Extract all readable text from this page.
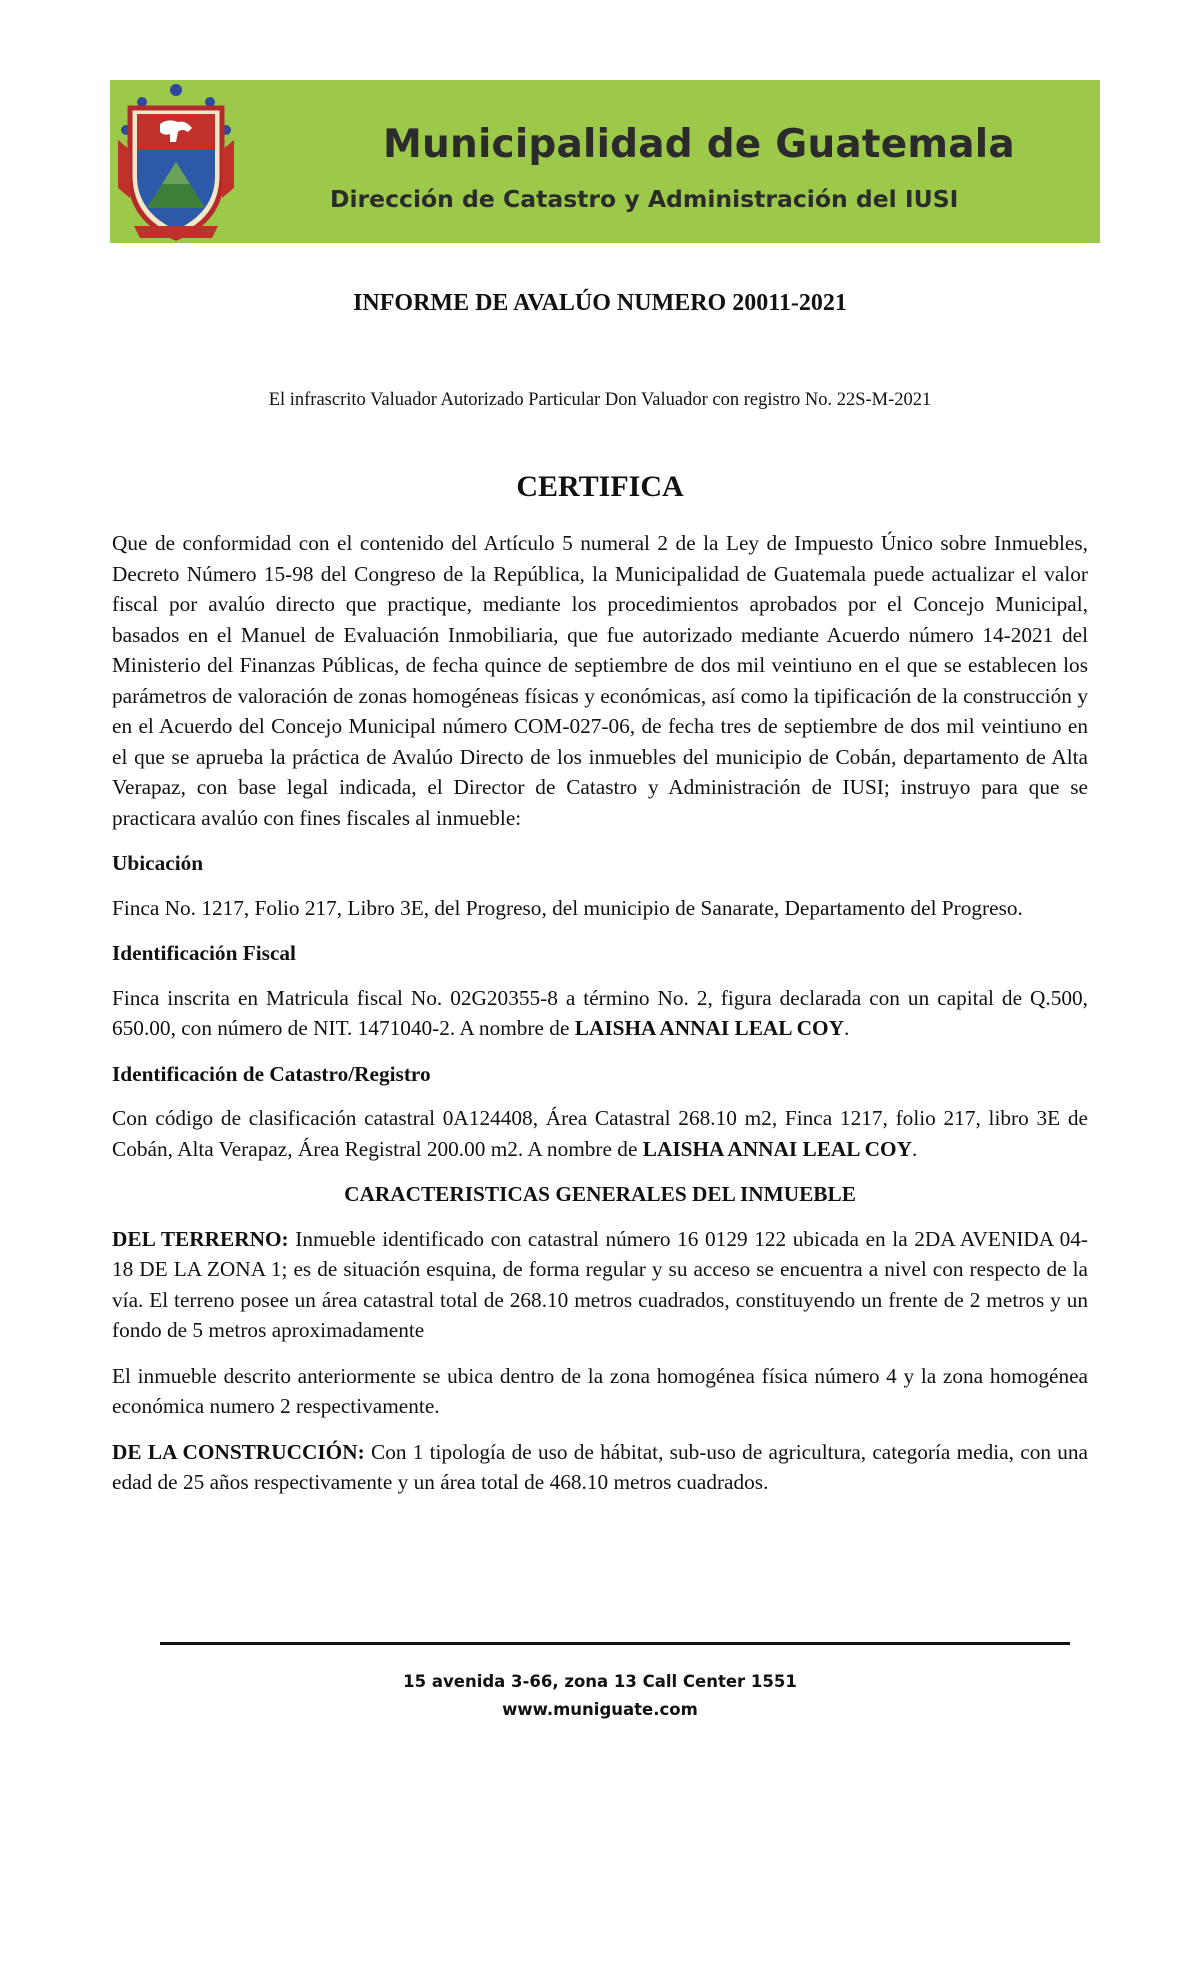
Municipalidad de Guatemala
Dirección de Catastro y Administración del IUSI
INFORME DE AVALÚO NUMERO 20011-2021

El infrascrito Valuador Autorizado Particular Don Valuador con registro No. 22S-M-2021

CERTIFICA

Que de conformidad con el contenido del Artículo 5 numeral 2 de la Ley de Impuesto Único sobre Inmuebles, Decreto Número 15-98 del Congreso de la República, la Municipalidad de Guatemala puede actualizar el valor fiscal por avalúo directo que practique, mediante los procedimientos aprobados por el Concejo Municipal, basados en el Manuel de Evaluación Inmobiliaria, que fue autorizado mediante Acuerdo número 14-2021 del Ministerio del Finanzas Públicas, de fecha quince de septiembre de dos mil veintiuno en el que se establecen los parámetros de valoración de zonas homogéneas físicas y económicas, así como la tipificación de la construcción y en el Acuerdo del Concejo Municipal número COM-027-06, de fecha tres de septiembre de dos mil veintiuno en el que se aprueba la práctica de Avalúo Directo de los inmuebles del municipio de Cobán, departamento de Alta Verapaz, con base legal indicada, el Director de Catastro y Administración de IUSI; instruyo para que se practicara avalúo con fines fiscales al inmueble:

Ubicación

Finca No. 1217, Folio 217, Libro 3E, del Progreso, del municipio de Sanarate, Departamento del Progreso.

Identificación Fiscal

Finca inscrita en Matricula fiscal No. 02G20355-8 a término No. 2, figura declarada con un capital de Q.500, 650.00, con número de NIT. 1471040-2. A nombre de LAISHA ANNAI LEAL COY.

Identificación de Catastro/Registro

Con código de clasificación catastral 0A124408, Área Catastral 268.10 m2, Finca 1217, folio 217, libro 3E de Cobán, Alta Verapaz, Área Registral 200.00 m2. A nombre de LAISHA ANNAI LEAL COY.

CARACTERISTICAS GENERALES DEL INMUEBLE

DEL TERRERNO: Inmueble identificado con catastral número 16 0129 122 ubicada en la 2DA AVENIDA 04-18 DE LA ZONA 1; es de situación esquina, de forma regular y su acceso se encuentra a nivel con respecto de la vía. El terreno posee un área catastral total de 268.10 metros cuadrados, constituyendo un frente de 2 metros y un fondo de 5 metros aproximadamente

El inmueble descrito anteriormente se ubica dentro de la zona homogénea física número 4 y la zona homogénea económica numero 2 respectivamente.

DE LA CONSTRUCCIÓN: Con 1 tipología de uso de hábitat, sub-uso de agricultura, categoría media, con una edad de 25 años respectivamente y un área total de 468.10 metros cuadrados.

15 avenida 3-66, zona 13 Call Center 1551

www.muniguate.com
